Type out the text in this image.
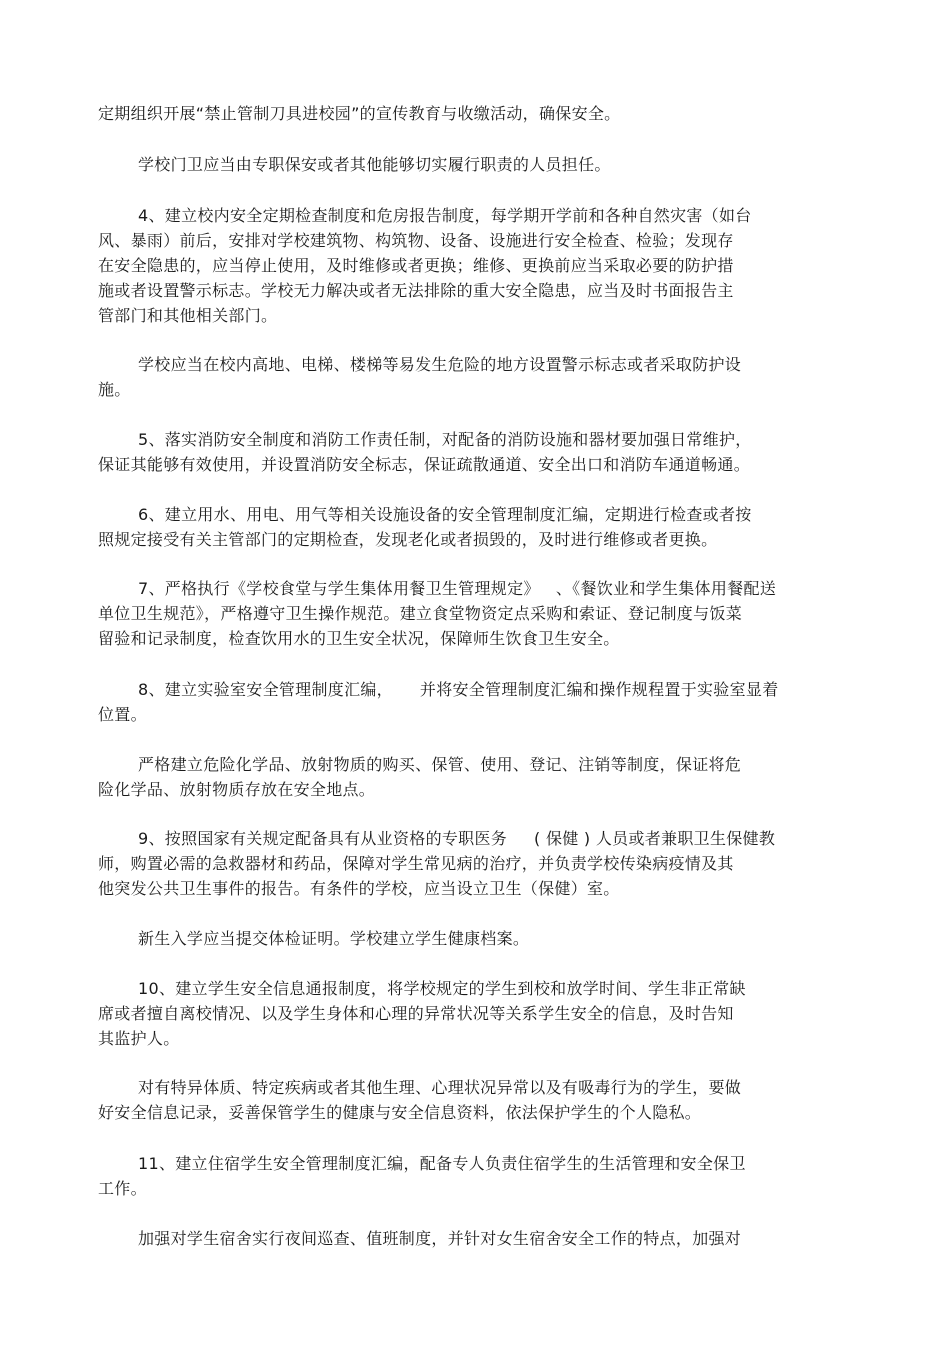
定期组织开展“禁止管制刀具进校园”的宣传教育与收缴活动，确保安全。
学校门卫应当由专职保安或者其他能够切实履行职责的人员担任。
4、建立校内安全定期检查制度和危房报告制度，每学期开学前和各种自然灾害（如台
风、暴雨）前后，安排对学校建筑物、构筑物、设备、设施进行安全检查、检验；发现存
在安全隐患的，应当停止使用，及时维修或者更换；维修、更换前应当采取必要的防护措
施或者设置警示标志。学校无力解决或者无法排除的重大安全隐患，应当及时书面报告主
管部门和其他相关部门。
学校应当在校内高地、电梯、楼梯等易发生危险的地方设置警示标志或者采取防护设
施。
5、落实消防安全制度和消防工作责任制，对配备的消防设施和器材要加强日常维护，
保证其能够有效使用，并设置消防安全标志，保证疏散通道、安全出口和消防车通道畅通。
6、建立用水、用电、用气等相关设施设备的安全管理制度汇编，定期进行检查或者按
照规定接受有关主管部门的定期检查，发现老化或者损毁的，及时进行维修或者更换。
7、严格执行《学校食堂与学生集体用餐卫生管理规定》   、《餐饮业和学生集体用餐配送
单位卫生规范》，严格遵守卫生操作规范。建立食堂物资定点采购和索证、登记制度与饭菜
留验和记录制度，检查饮用水的卫生安全状况，保障师生饮食卫生安全。
8、建立实验室安全管理制度汇编，     并将安全管理制度汇编和操作规程置于实验室显着
位置。
严格建立危险化学品、放射物质的购买、保管、使用、登记、注销等制度，保证将危
险化学品、放射物质存放在安全地点。
9、按照国家有关规定配备具有从业资格的专职医务     ( 保健 ) 人员或者兼职卫生保健教
师，购置必需的急救器材和药品，保障对学生常见病的治疗，并负责学校传染病疫情及其
他突发公共卫生事件的报告。有条件的学校，应当设立卫生（保健）室。
新生入学应当提交体检证明。学校建立学生健康档案。
10、建立学生安全信息通报制度，将学校规定的学生到校和放学时间、学生非正常缺
席或者擅自离校情况、以及学生身体和心理的异常状况等关系学生安全的信息，及时告知
其监护人。
对有特异体质、特定疾病或者其他生理、心理状况异常以及有吸毒行为的学生，要做
好安全信息记录，妥善保管学生的健康与安全信息资料，依法保护学生的个人隐私。
11、建立住宿学生安全管理制度汇编，配备专人负责住宿学生的生活管理和安全保卫
工作。
加强对学生宿舍实行夜间巡查、值班制度，并针对女生宿舍安全工作的特点，加强对
